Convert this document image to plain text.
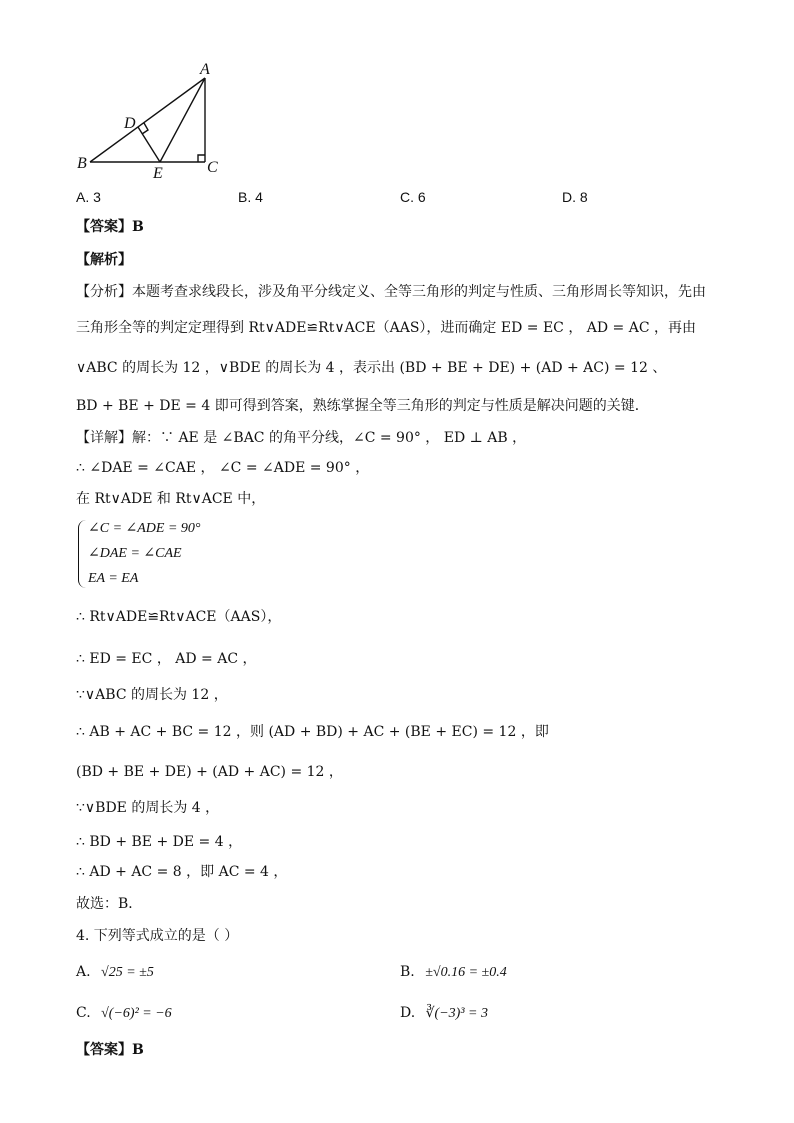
A
B	C
D
E
A. 3	B. 4	C. 6	D. 8
【答案】B
【解析】
【分析】本题考查求线段长，涉及角平分线定义、全等三角形的判定与性质、三角形周长等知识，先由
三角形全等的判定定理得到 Rt∨ADE≌Rt∨ACE（AAS），进而确定 ED = EC ， AD = AC ，再由
∨ABC 的周长为 12 ，∨BDE 的周长为 4 ，表示出 (BD + BE + DE) + (AD + AC) = 12 、
BD + BE + DE = 4 即可得到答案，熟练掌握全等三角形的判定与性质是解决问题的关键．
【详解】解：∵ AE 是 ∠BAC 的角平分线，∠C = 90° ， ED ⊥ AB ，
∴ ∠DAE = ∠CAE ， ∠C = ∠ADE = 90° ，
在 Rt∨ADE 和 Rt∨ACE 中，
∠C = ∠ADE = 90°
∠DAE = ∠CAE
EA = EA
∴ Rt∨ADE≌Rt∨ACE（AAS），
∴ ED = EC ， AD = AC ，
∵∨ABC 的周长为 12 ，
∴ AB + AC + BC = 12 ，则 (AD + BD) + AC + (BE + EC) = 12 ，即
(BD + BE + DE) + (AD + AC) = 12 ，
∵∨BDE 的周长为 4 ，
∴ BD + BE + DE = 4 ，
∴ AD + AC = 8 ，即 AC = 4 ，
故选：B．
4. 下列等式成立的是（ ）
A. √25 = ±5	B. ±√0.16 = ±0.4
C. √(−6)² = −6	D. ∛(−3)³ = 3
【答案】B
